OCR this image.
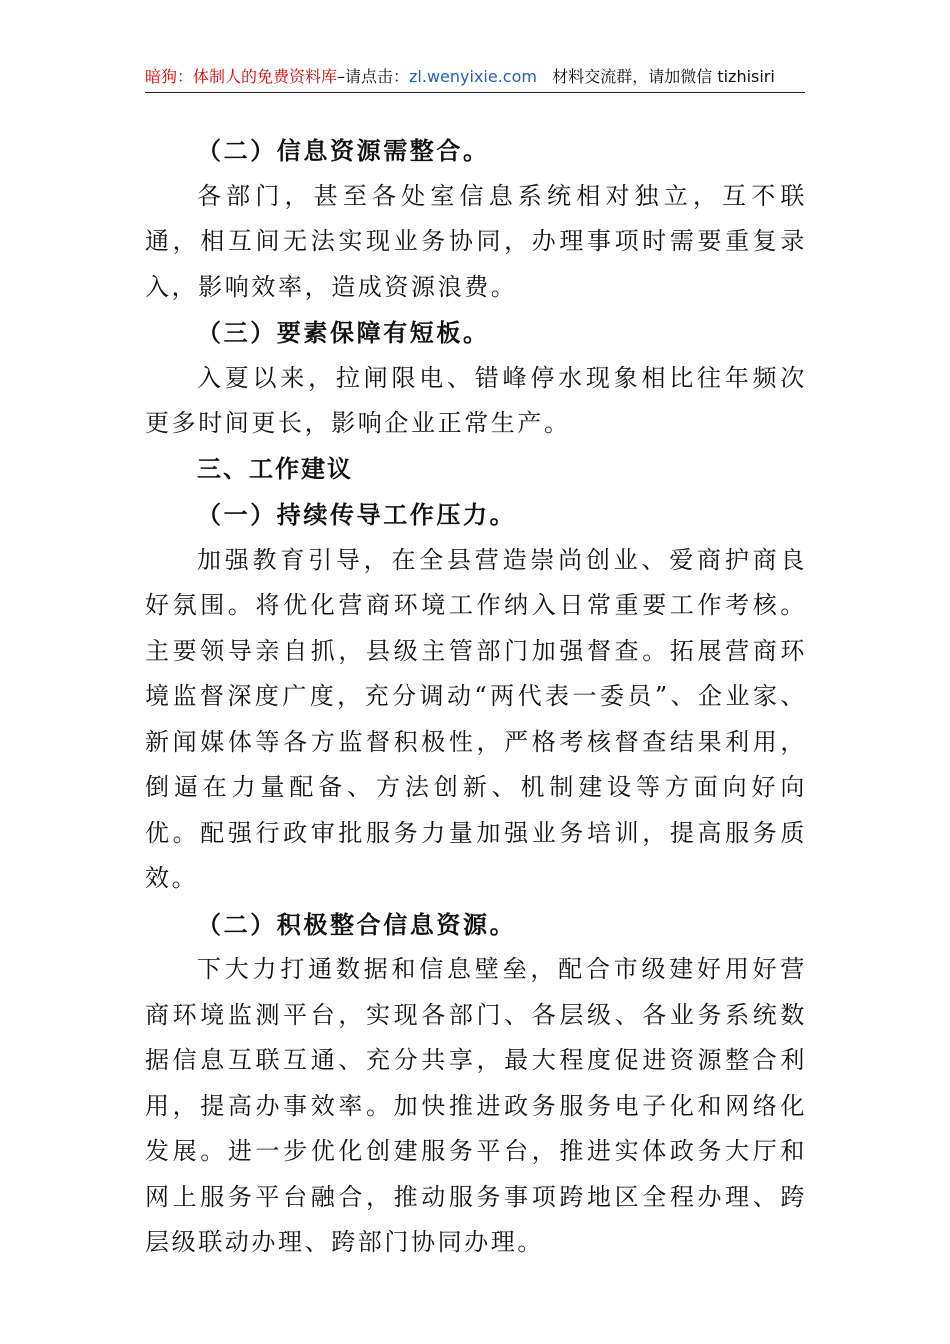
暗狗：体制人的免费资料库–请点击：zl.wenyixie.com 材料交流群，请加微信 tizhisiri

（二）信息资源需整合。

各部门，甚至各处室信息系统相对独立，互不联通，相互间无法实现业务协同，办理事项时需要重复录入，影响效率，造成资源浪费。

（三）要素保障有短板。

入夏以来，拉闸限电、错峰停水现象相比往年频次更多时间更长，影响企业正常生产。

三、工作建议

（一）持续传导工作压力。

加强教育引导，在全县营造崇尚创业、爱商护商良好氛围。将优化营商环境工作纳入日常重要工作考核。主要领导亲自抓，县级主管部门加强督查。拓展营商环境监督深度广度，充分调动“两代表一委员”、企业家、新闻媒体等各方监督积极性，严格考核督查结果利用，倒逼在力量配备、方法创新、机制建设等方面向好向优。配强行政审批服务力量加强业务培训，提高服务质效。

（二）积极整合信息资源。

下大力打通数据和信息壁垒，配合市级建好用好营商环境监测平台，实现各部门、各层级、各业务系统数据信息互联互通、充分共享，最大程度促进资源整合利用，提高办事效率。加快推进政务服务电子化和网络化发展。进一步优化创建服务平台，推进实体政务大厅和网上服务平台融合，推动服务事项跨地区全程办理、跨层级联动办理、跨部门协同办理。
